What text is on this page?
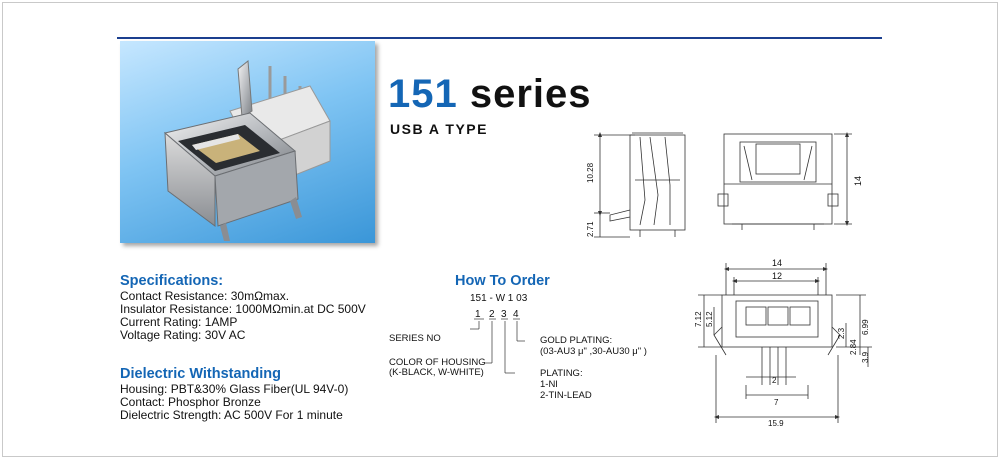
151 series
USB A TYPE
10.28
2.71
14
14
12
7.12 5.12
2.3
2.84
6.99
3.9
2
7
15.9
Specifications:
Contact Resistance: 30mΩmax.
Insulator Resistance: 1000MΩmin.at DC 500V
Current Rating: 1AMP
Voltage Rating: 30V AC
Dielectric Withstanding
Housing: PBT&30% Glass Fiber(UL 94V-0)
Contact: Phosphor Bronze
Dielectric Strength: AC 500V For 1 minute
How To Order
151 - W 1 03
1 2 3 4
SERIES NO
COLOR OF HOUSING
(K-BLACK, W-WHITE)
GOLD PLATING:
(03-AU3 μ" ,30-AU30 μ" )
PLATING:
1-NI
2-TIN-LEAD
